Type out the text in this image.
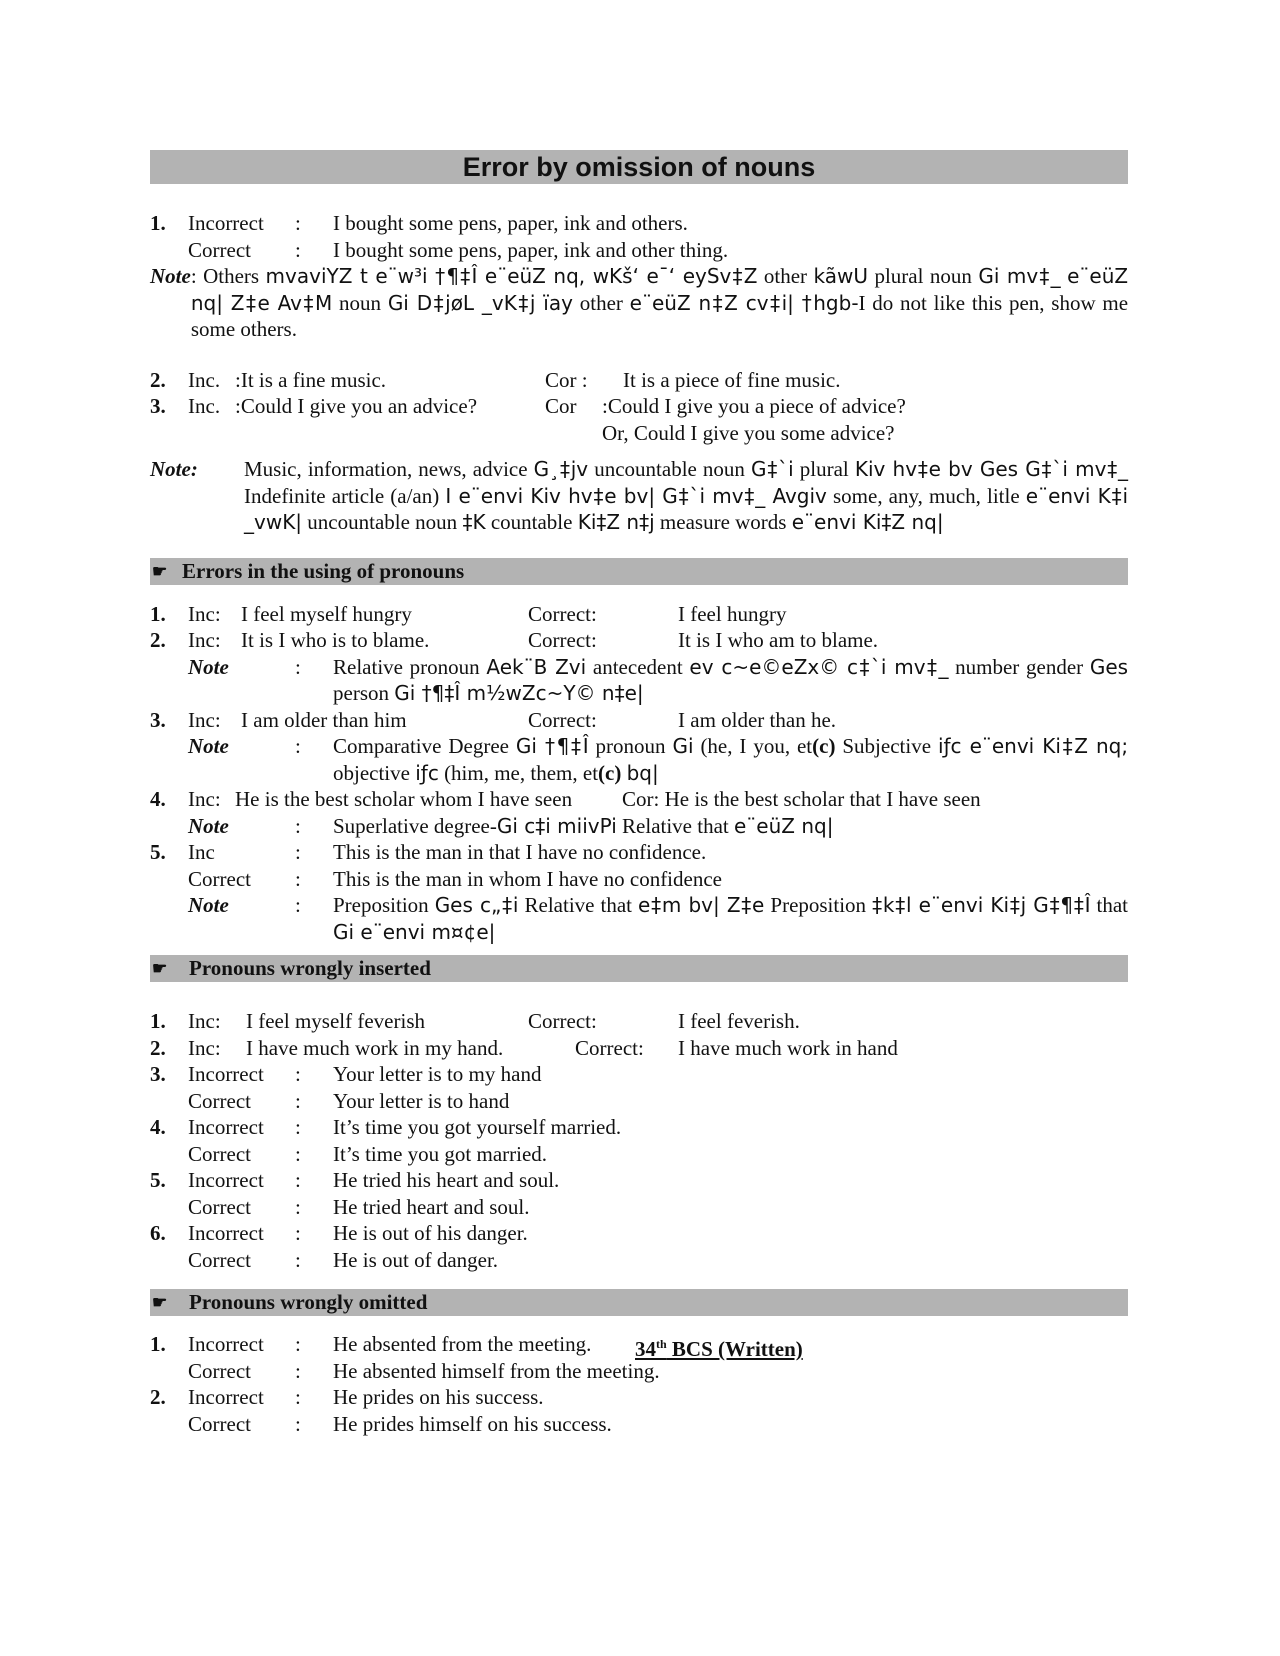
Error by omission of nouns
1. Incorrect : I bought some pens, paper, ink and others.
Correct : I bought some pens, paper, ink and other thing.
Note : Others mvaviYZ t e¨w³i †¶‡Î e¨eüZ nq, wKš‘ e¯‘ eySv‡Z other kãwU plural noun Gi mv‡_ e¨eüZ nq| Z‡e Av‡M noun Gi D‡jøL _vK‡j ïay other e¨eüZ n‡Z cv‡i| †hgb-I do not like this pen, show me some others.
2. Inc. :It is a fine music.	Cor : It is a piece of fine music.
3. Inc. :Could I give you an advice?	Cor :Could I give you a piece of advice?
Or, Could I give you some advice?
Note:	Music, information, news, advice G¸‡jv uncountable noun G‡`i plural Kiv hv‡e bv Ges G‡`i mv‡_ Indefinite article (a/an) I e¨envi Kiv hv‡e bv| G‡`i mv‡_ Avgiv some, any, much, litle e¨envi K‡i _vwK| uncountable noun ‡K countable Ki‡Z n‡j measure words e¨envi Ki‡Z nq|
☛ Errors in the using of pronouns
1. Inc: I feel myself hungry	Correct:	I feel hungry
2. Inc: It is I who is to blame.	Correct:	It is I who am to blame.
Note	:	Relative pronoun Aek¨B Zvi antecedent ev c~e©eZx© c‡`i mv‡_ number gender Ges person Gi †¶‡Î m½wZc~Y© n‡e|
3. Inc: I am older than him	Correct:	I am older than he.
Note	:	Comparative Degree Gi †¶‡Î pronoun Gi (he, I you, et(c) Subjective iƒc e¨envi Ki‡Z nq; objective iƒc (him, me, them, et(c) bq|
4. Inc: He is the best scholar whom I have seen Cor: He is the best scholar that I have seen
Note	:	Superlative degree-Gi c‡i miivPi Relative that e¨eüZ nq|
5. Inc	: This is the man in that I have no confidence.
Correct : This is the man in whom I have no confidence
Note	:	Preposition Ges c„‡i Relative that e‡m bv| Z‡e Preposition ‡k‡l e¨envi Ki‡j G‡¶‡Î that Gi e¨envi m¤¢e|
☛ Pronouns wrongly inserted
1. Inc: I feel myself feverish	Correct:	I feel feverish.
2. Inc: I have much work in my hand.	Correct: I have much work in hand
3. Incorrect : Your letter is to my hand
Correct : Your letter is to hand
4. Incorrect : It’s time you got yourself married.
Correct : It’s time you got married.
5. Incorrect : He tried his heart and soul.
Correct : He tried heart and soul.
6. Incorrect : He is out of his danger.
Correct : He is out of danger.
☛ Pronouns wrongly omitted
1. Incorrect : He absented from the meeting. 34th BCS (Written)
Correct : He absented himself from the meeting.
2. Incorrect : He prides on his success.
Correct : He prides himself on his success.
